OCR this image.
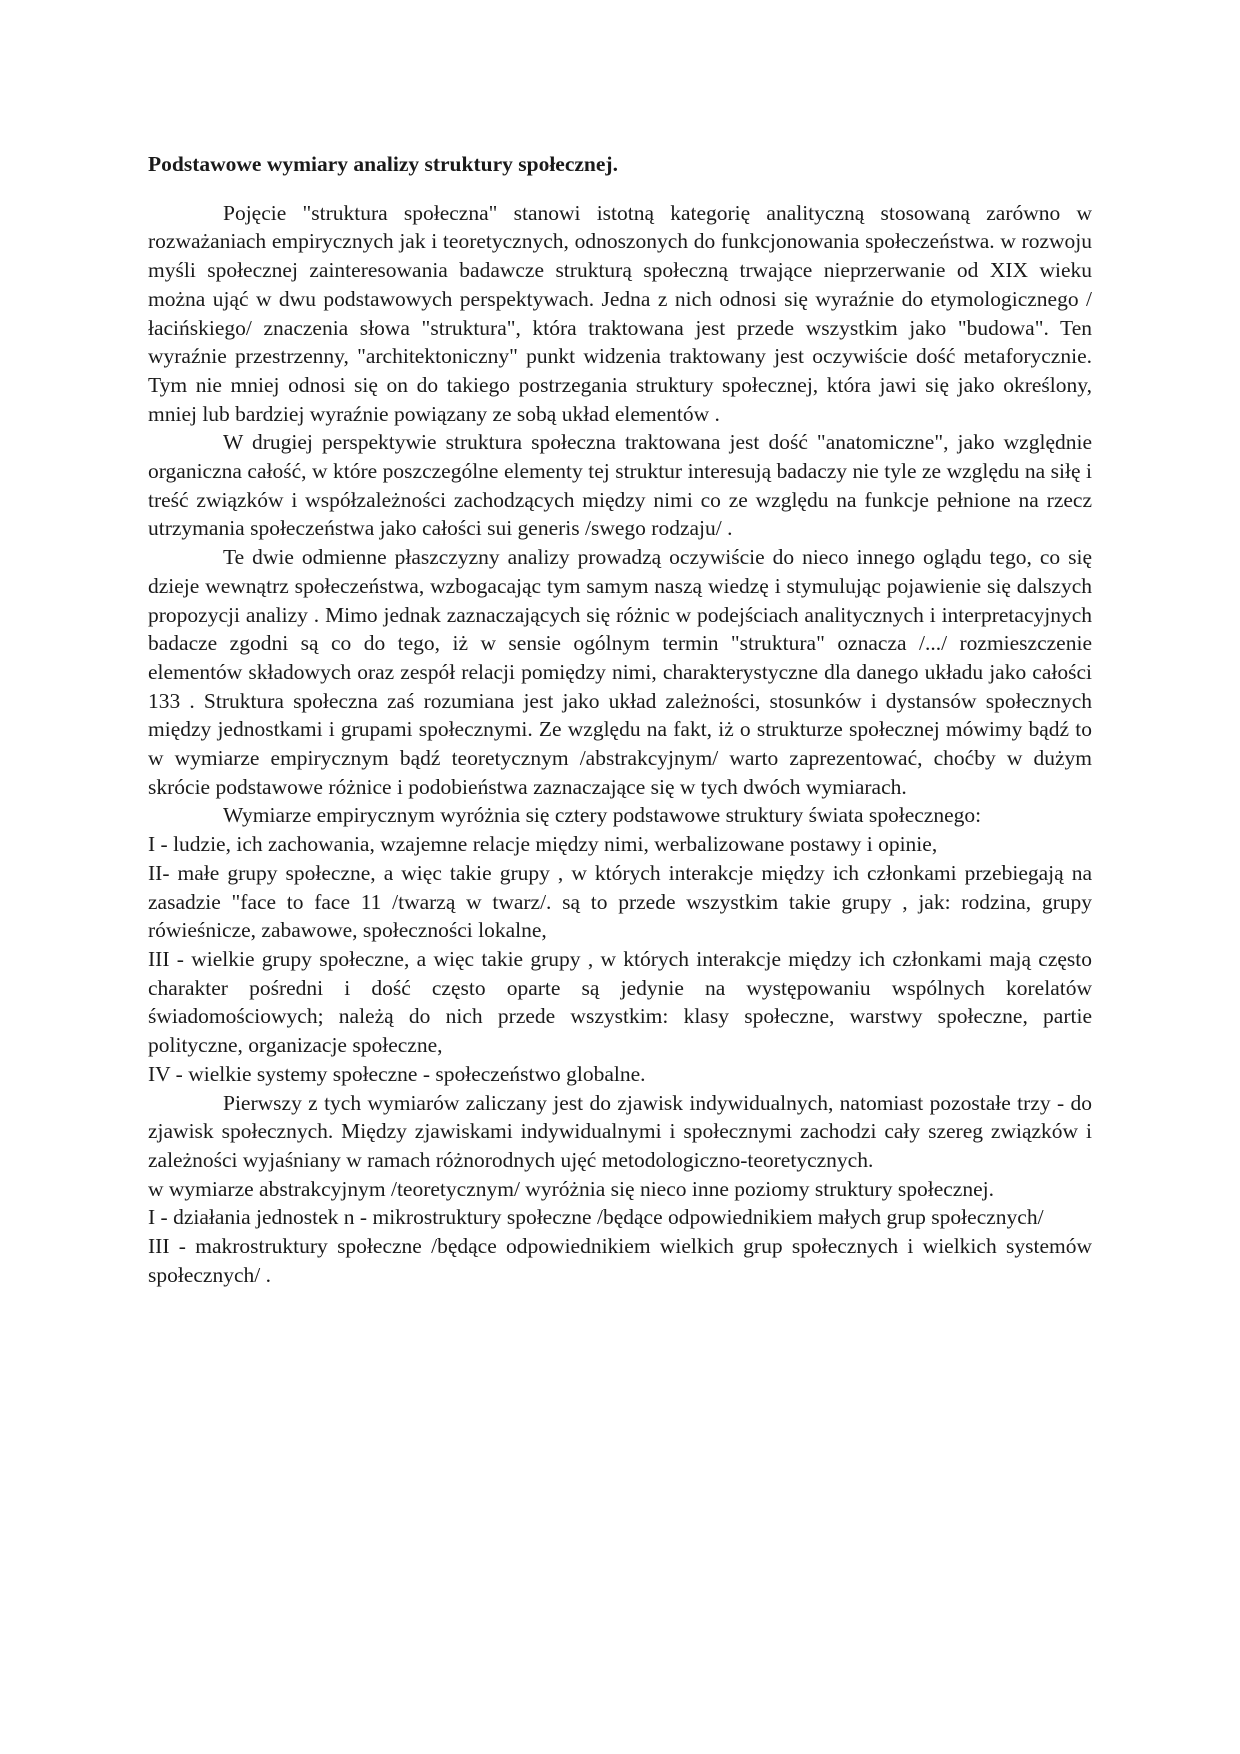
Podstawowe wymiary analizy struktury społecznej.

Pojęcie "struktura społeczna" stanowi istotną kategorię analityczną stosowaną zarówno w rozważaniach empirycznych jak i teoretycznych, odnoszonych do funkcjonowania społeczeństwa. w rozwoju myśli społecznej zainteresowania badawcze strukturą społeczną trwające nieprzerwanie od XIX wieku można ująć w dwu podstawowych perspektywach. Jedna z nich odnosi się wyraźnie do etymologicznego /łacińskiego/ znaczenia słowa "struktura", która traktowana jest przede wszystkim jako "budowa". Ten wyraźnie przestrzenny, "architektoniczny" punkt widzenia traktowany jest oczywiście dość metaforycznie. Tym nie mniej odnosi się on do takiego postrzegania struktury społecznej, która jawi się jako określony, mniej lub bardziej wyraźnie powiązany ze sobą układ elementów .

W drugiej perspektywie struktura społeczna traktowana jest dość "anatomiczne", jako względnie organiczna całość, w które poszczególne elementy tej struktur interesują badaczy nie tyle ze względu na siłę i treść związków i współzależności zachodzących między nimi co ze względu na funkcje pełnione na rzecz utrzymania społeczeństwa jako całości sui generis /swego rodzaju/ .

Te dwie odmienne płaszczyzny analizy prowadzą oczywiście do nieco innego oglądu tego, co się dzieje wewnątrz społeczeństwa, wzbogacając tym samym naszą wiedzę i stymulując pojawienie się dalszych propozycji analizy . Mimo jednak zaznaczających się różnic w podejściach analitycznych i interpretacyjnych badacze zgodni są co do tego, iż w sensie ogólnym termin "struktura" oznacza /.../ rozmieszczenie elementów składowych oraz zespół relacji pomiędzy nimi, charakterystyczne dla danego układu jako całości 133 . Struktura społeczna zaś rozumiana jest jako układ zależności, stosunków i dystansów społecznych między jednostkami i grupami społecznymi. Ze względu na fakt, iż o strukturze społecznej mówimy bądź to w wymiarze empirycznym bądź teoretycznym /abstrakcyjnym/ warto zaprezentować, choćby w dużym skrócie podstawowe różnice i podobieństwa zaznaczające się w tych dwóch wymiarach.

Wymiarze empirycznym wyróżnia się cztery podstawowe struktury świata społecznego:

I - ludzie, ich zachowania, wzajemne relacje między nimi, werbalizowane postawy i opinie,

II- małe grupy społeczne, a więc takie grupy , w których interakcje między ich członkami przebiegają na zasadzie "face to face 11 /twarzą w twarz/. są to przede wszystkim takie grupy , jak: rodzina, grupy rówieśnicze, zabawowe, społeczności lokalne,

III - wielkie grupy społeczne, a więc takie grupy , w których interakcje między ich członkami mają często charakter pośredni i dość często oparte są jedynie na występowaniu wspólnych korelatów świadomościowych; należą do nich przede wszystkim: klasy społeczne, warstwy społeczne, partie polityczne, organizacje społeczne,

IV - wielkie systemy społeczne - społeczeństwo globalne.

Pierwszy z tych wymiarów zaliczany jest do zjawisk indywidualnych, natomiast pozostałe trzy - do zjawisk społecznych. Między zjawiskami indywidualnymi i społecznymi zachodzi cały szereg związków i zależności wyjaśniany w ramach różnorodnych ujęć metodologiczno-teoretycznych.

w wymiarze abstrakcyjnym /teoretycznym/ wyróżnia się nieco inne poziomy struktury społecznej.

I - działania jednostek n - mikrostruktury społeczne /będące odpowiednikiem małych grup społecznych/

III - makrostruktury społeczne /będące odpowiednikiem wielkich grup społecznych i wielkich systemów społecznych/ .
